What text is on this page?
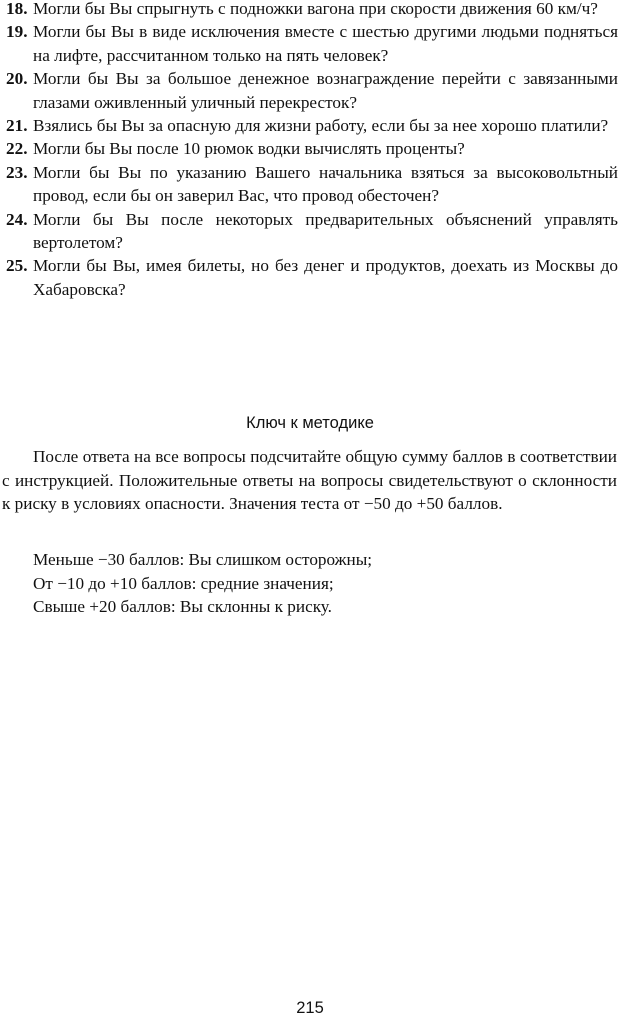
18. Могли бы Вы спрыгнуть с подножки вагона при скорости движения 60 км/ч?

19. Могли бы Вы в виде исключения вместе с шестью другими людьми подняться на лифте, рассчитанном только на пять человек?

20. Могли бы Вы за большое денежное вознаграждение перейти с завязанными глазами оживленный уличный перекресток?

21. Взялись бы Вы за опасную для жизни работу, если бы за нее хорошо платили?

22. Могли бы Вы после 10 рюмок водки вычислять проценты?

23. Могли бы Вы по указанию Вашего начальника взяться за высоковольтный провод, если бы он заверил Вас, что провод обесточен?

24. Могли бы Вы после некоторых предварительных объяснений управлять вертолетом?

25. Могли бы Вы, имея билеты, но без денег и продуктов, доехать из Москвы до Хабаровска?

Ключ к методике

После ответа на все вопросы подсчитайте общую сумму баллов в соответствии с инструкцией. Положительные ответы на вопросы свидетельствуют о склонности к риску в условиях опасности. Значения теста от −50 до +50 баллов.

Меньше −30 баллов: Вы слишком осторожны;

От −10 до +10 баллов: средние значения;

Свыше +20 баллов: Вы склонны к риску.

215
